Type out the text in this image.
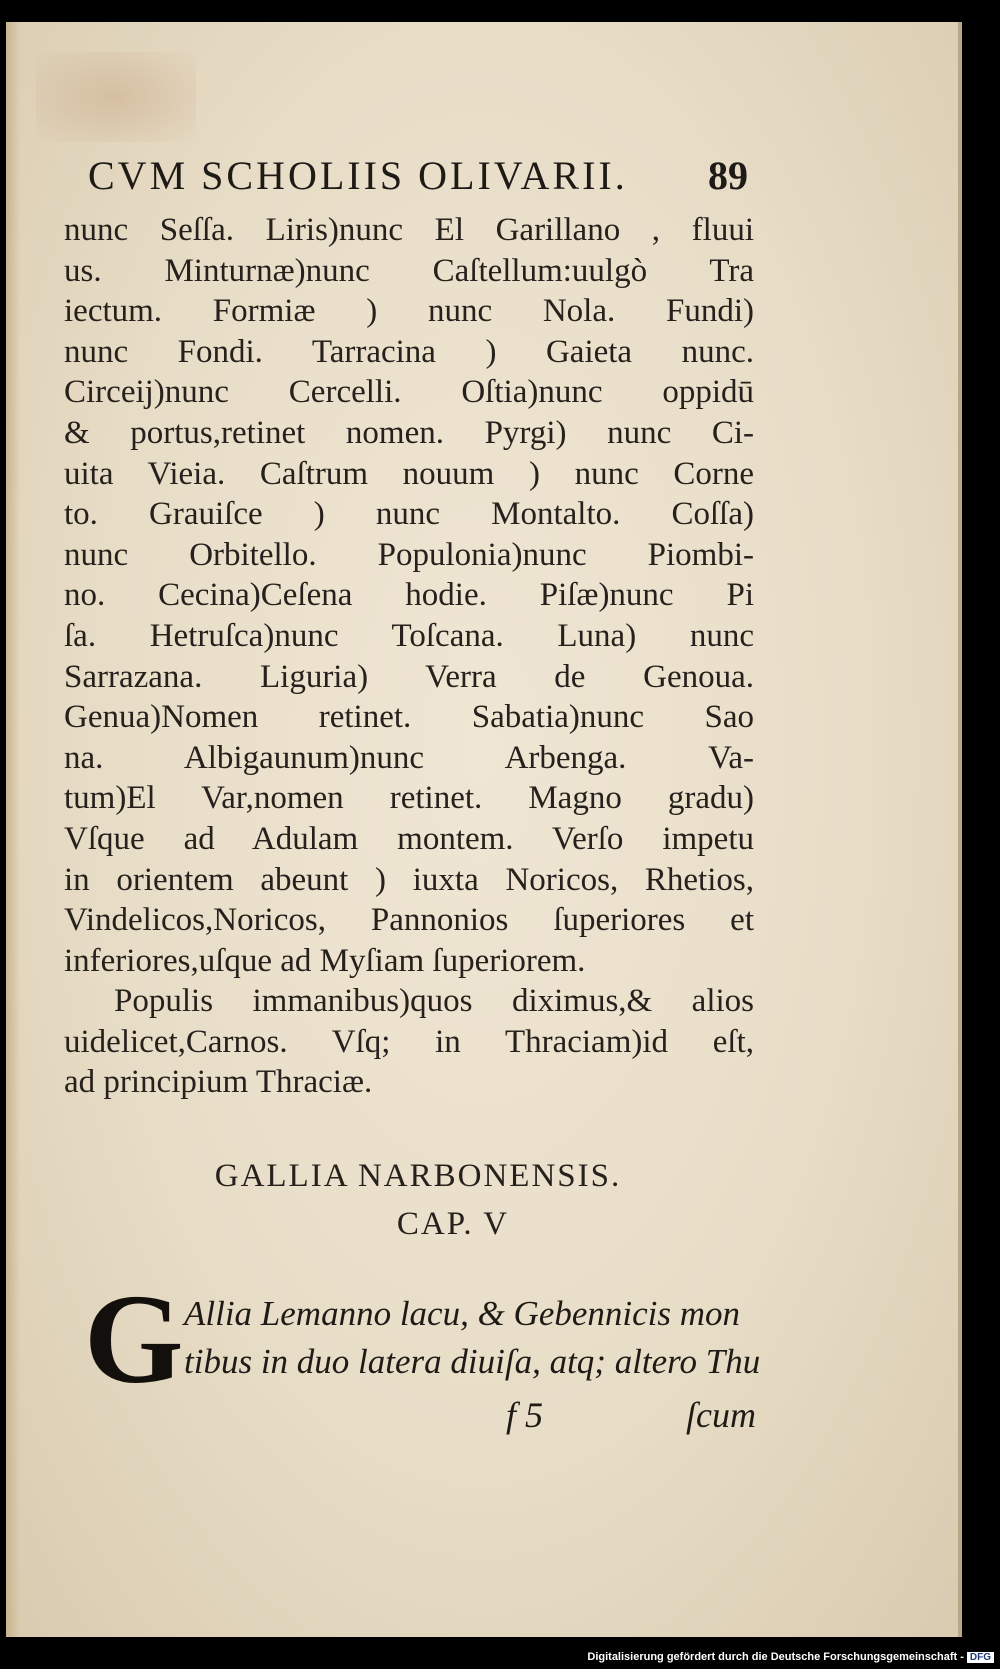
CVM SCHOLIIS OLIVARII. 89
nunc Seſſa. Liris)nunc El Garillano , fluui
us. Minturnæ)nunc Caſtellum:uulgò Tra
iectum. Formiæ ) nunc Nola. Fundi)
nunc Fondi. Tarracina ) Gaieta nunc.
Circeij)nunc Cercelli. Oſtia)nunc oppidū
& portus,retinet nomen. Pyrgi) nunc Ci-
uita Vieia. Caſtrum nouum ) nunc Corne
to. Grauiſce ) nunc Montalto. Coſſa)
nunc Orbitello. Populonia)nunc Piombi-
no. Cecina)Ceſena hodie. Piſæ)nunc Pi
ſa. Hetruſca)nunc Toſcana. Luna) nunc
Sarrazana. Liguria) Verra de Genoua.
Genua)Nomen retinet. Sabatia)nunc Sao
na. Albigaunum)nunc Arbenga. Va-
tum)El Var,nomen retinet. Magno gradu)
Vſque ad Adulam montem. Verſo impetu
in orientem abeunt ) iuxta Noricos, Rhetios,
Vindelicos,Noricos, Pannonios ſuperiores et
inferiores,uſque ad Myſiam ſuperiorem.
Populis immanibus)quos diximus,& alios
uidelicet,Carnos. Vſq; in Thraciam)id eſt,
ad principium Thraciæ.
GALLIA NARBONENSIS.
CAP. V
G Allia Lemanno lacu, & Gebennicis mon
tibus in duo latera diuiſa, atq; altero Thu
f 5	ſcum
Digitalisierung gefördert durch die Deutsche Forschungsgemeinschaft - DFG
